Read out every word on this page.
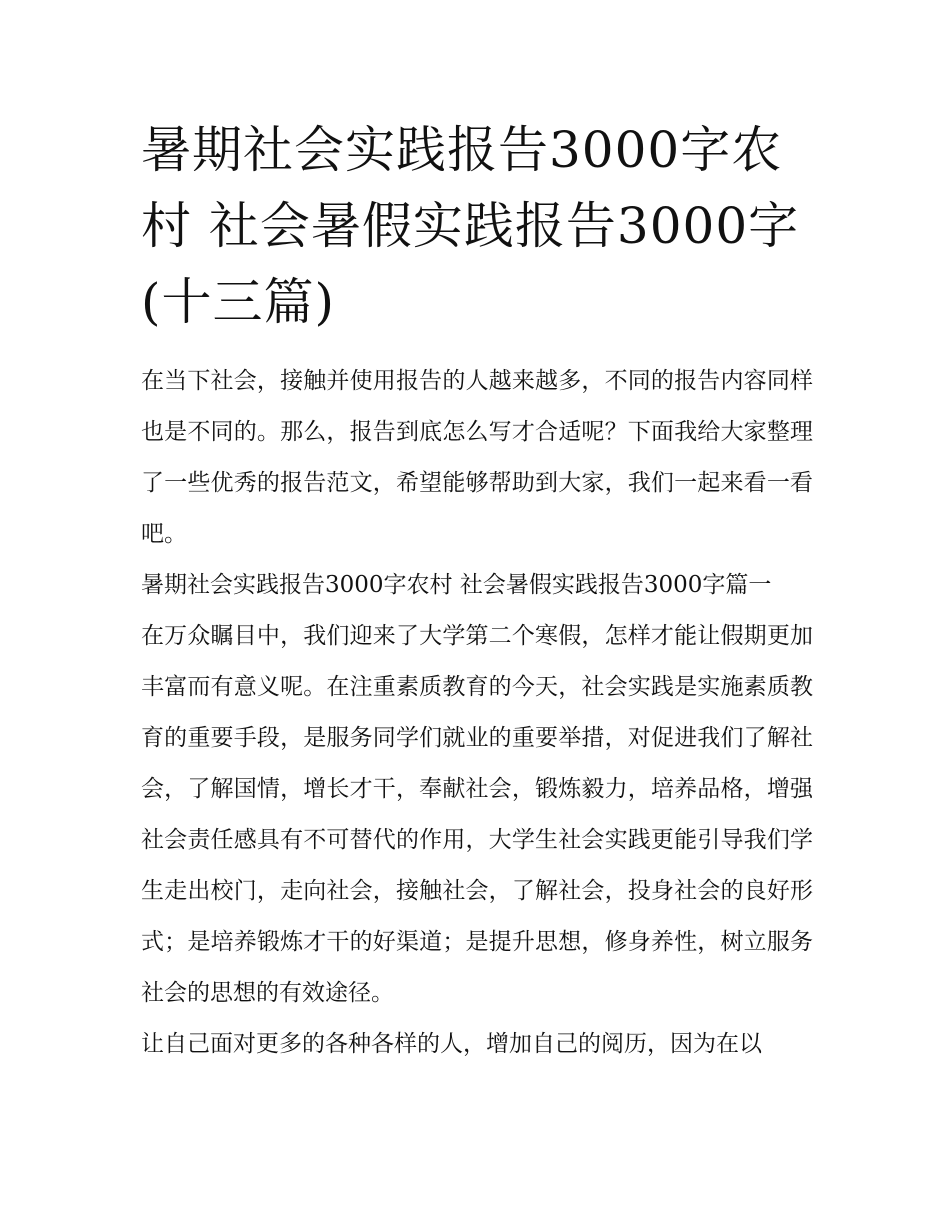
暑期社会实践报告3000字农村 社会暑假实践报告3000字(十三篇)

在当下社会，接触并使用报告的人越来越多，不同的报告内容同样也是不同的。那么，报告到底怎么写才合适呢？下面我给大家整理了一些优秀的报告范文，希望能够帮助到大家，我们一起来看一看吧。

暑期社会实践报告3000字农村 社会暑假实践报告3000字篇一

在万众瞩目中，我们迎来了大学第二个寒假，怎样才能让假期更加丰富而有意义呢。在注重素质教育的今天，社会实践是实施素质教育的重要手段，是服务同学们就业的重要举措，对促进我们了解社会，了解国情，增长才干，奉献社会，锻炼毅力，培养品格，增强社会责任感具有不可替代的作用，大学生社会实践更能引导我们学生走出校门，走向社会，接触社会，了解社会，投身社会的良好形式；是培养锻炼才干的好渠道；是提升思想，修身养性，树立服务社会的思想的有效途径。

让自己面对更多的各种各样的人，增加自己的阅历，因为在以
